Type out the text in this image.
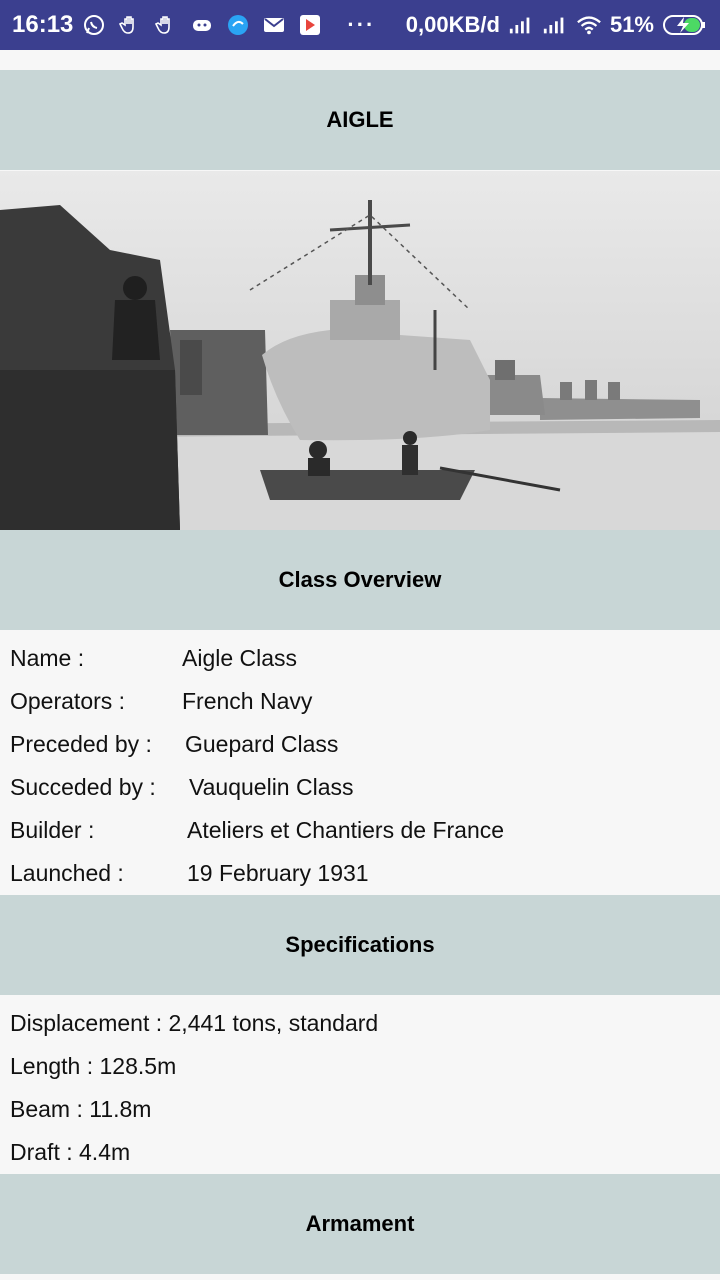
16:13	··· 0,00KB/d	51%
AIGLE
Class Overview
Name :	Aigle Class
Operators : French Navy
Preceded by : Guepard Class
Succeded by : Vauquelin Class
Builder :	Ateliers et Chantiers de France
Launched :	19 February 1931
Specifications
Displacement : 2,441 tons, standard
Length : 128.5m
Beam : 11.8m
Draft : 4.4m
Armament
